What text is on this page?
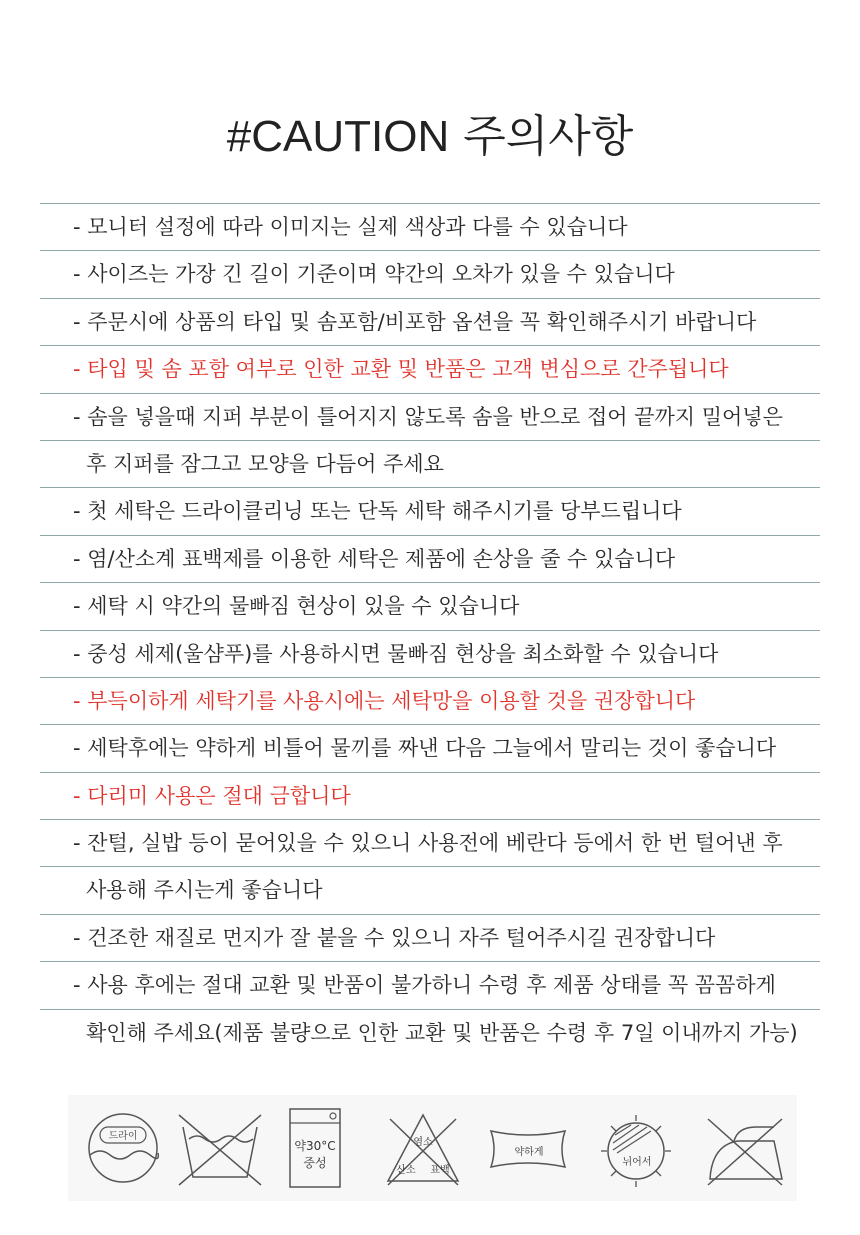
#CAUTION 주의사항
- 모니터 설정에 따라 이미지는 실제 색상과 다를 수 있습니다
- 사이즈는 가장 긴 길이 기준이며 약간의 오차가 있을 수 있습니다
- 주문시에 상품의 타입 및 솜포함/비포함 옵션을 꼭 확인해주시기 바랍니다
- 타입 및 솜 포함 여부로 인한 교환 및 반품은 고객 변심으로 간주됩니다
- 솜을 넣을때 지퍼 부분이 틀어지지 않도록 솜을 반으로 접어 끝까지 밀어넣은
후 지퍼를 잠그고 모양을 다듬어 주세요
- 첫 세탁은 드라이클리닝 또는 단독 세탁 해주시기를 당부드립니다
- 염/산소계 표백제를 이용한 세탁은 제품에 손상을 줄 수 있습니다
- 세탁 시 약간의 물빠짐 현상이 있을 수 있습니다
- 중성 세제(울샴푸)를 사용하시면 물빠짐 현상을 최소화할 수 있습니다
- 부득이하게 세탁기를 사용시에는 세탁망을 이용할 것을 권장합니다
- 세탁후에는 약하게 비틀어 물끼를 짜낸 다음 그늘에서 말리는 것이 좋습니다
- 다리미 사용은 절대 금합니다
- 잔털, 실밥 등이 묻어있을 수 있으니 사용전에 베란다 등에서 한 번 털어낸 후
사용해 주시는게 좋습니다
- 건조한 재질로 먼지가 잘 붙을 수 있으니 자주 털어주시길 권장합니다
- 사용 후에는 절대 교환 및 반품이 불가하니 수령 후 제품 상태를 꼭 꼼꼼하게
확인해 주세요(제품 불량으로 인한 교환 및 반품은 수령 후 7일 이내까지 가능)
드라이
약30°C
중성
염소
산소 표백
약하게
뉘어서
